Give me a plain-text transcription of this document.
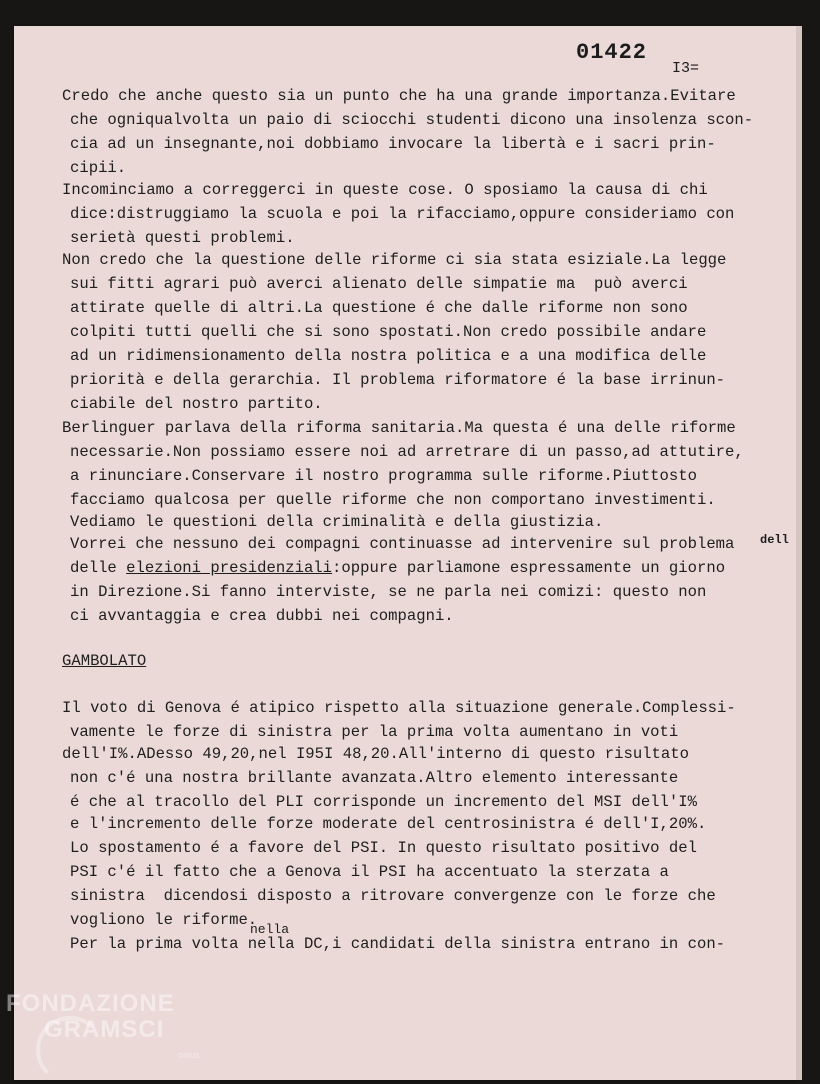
01422
I3=
Credo che anche questo sia un punto che ha una grande importanza.Evitare
che ogniqualvolta un paio di sciocchi studenti dicono una insolenza scon-
cia ad un insegnante,noi dobbiamo invocare la libertà e i sacri prin-
cipii.
Incominciamo a correggerci in queste cose. O sposiamo la causa di chi
dice:distruggiamo la scuola e poi la rifacciamo,oppure consideriamo con
serietà questi problemi.
Non credo che la questione delle riforme ci sia stata esiziale.La legge
sui fitti agrari può averci alienato delle simpatie ma  può averci
attirate quelle di altri.La questione é che dalle riforme non sono
colpiti tutti quelli che si sono spostati.Non credo possibile andare
ad un ridimensionamento della nostra politica e a una modifica delle
priorità e della gerarchia. Il problema riformatore é la base irrinun-
ciabile del nostro partito.
Berlinguer parlava della riforma sanitaria.Ma questa é una delle riforme
necessarie.Non possiamo essere noi ad arretrare di un passo,ad attutire,
a rinunciare.Conservare il nostro programma sulle riforme.Piuttosto
facciamo qualcosa per quelle riforme che non comportano investimenti.
Vediamo le questioni della criminalità e della giustizia.
Vorrei che nessuno dei compagni continuasse ad intervenire sul problema
delle elezioni presidenziali:oppure parliamone espressamente un giorno
in Direzione.Si fanno interviste, se ne parla nei comizi: questo non
ci avvantaggia e crea dubbi nei compagni.
dell
GAMBOLATO
Il voto di Genova é atipico rispetto alla situazione generale.Complessi-
vamente le forze di sinistra per la prima volta aumentano in voti
dell'I%.ADesso 49,20,nel I95I 48,20.All'interno di questo risultato
non c'é una nostra brillante avanzata.Altro elemento interessante
é che al tracollo del PLI corrisponde un incremento del MSI dell'I%
e l'incremento delle forze moderate del centrosinistra é dell'I,20%.
Lo spostamento é a favore del PSI. In questo risultato positivo del
PSI c'é il fatto che a Genova il PSI ha accentuato la sterzata a
sinistra  dicendosi disposto a ritrovare convergenze con le forze che
vogliono le riforme.
Per la prima volta nella DC,i candidati della sinistra entrano in con-
nella
FONDAZIONE
GRAMSCI
onlus
